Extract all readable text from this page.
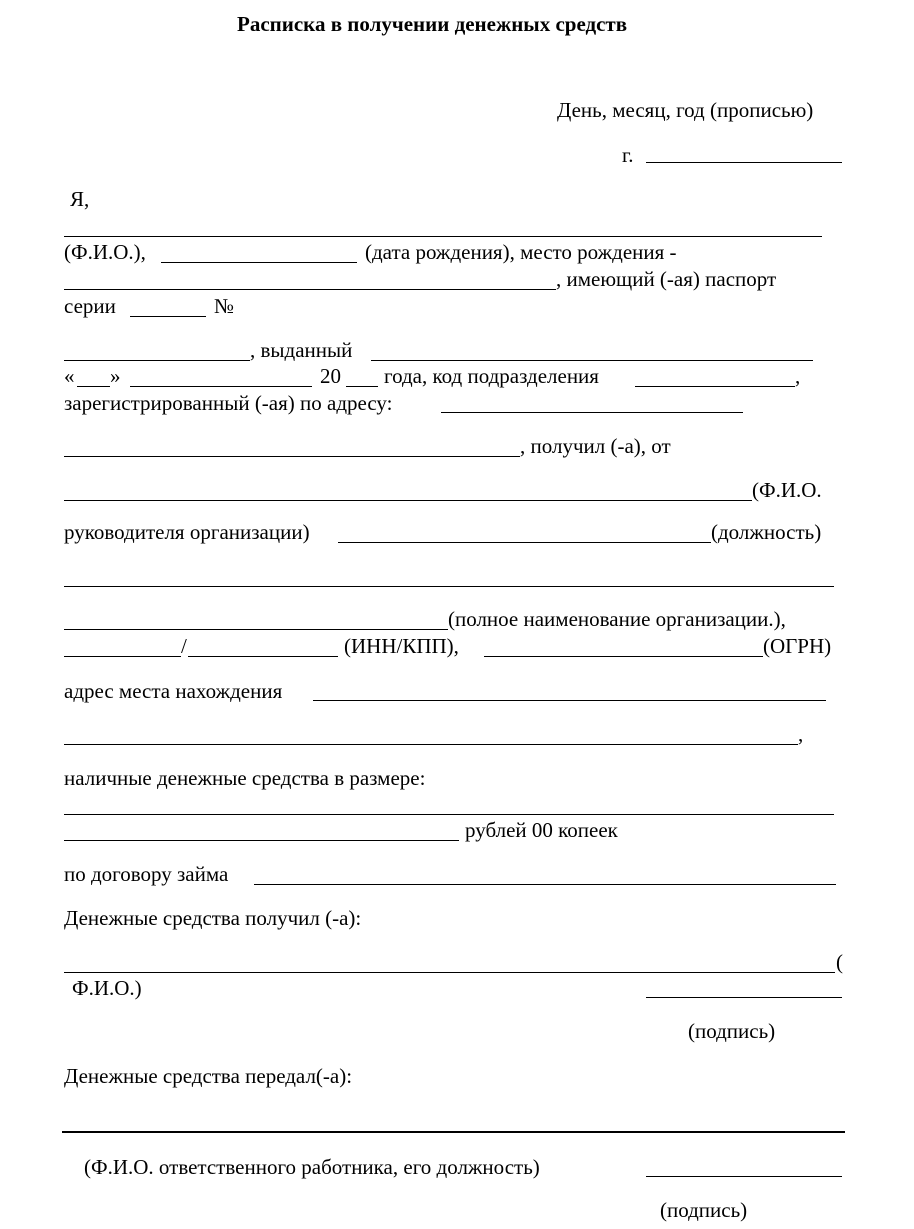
Расписка в получении денежных средств
День, месяц, год (прописью)
г.
Я,
(Ф.И.О.),	(дата рождения), место рождения -
, имеющий (-ая) паспорт
серии	№
, выданный
« »	20 года, код подразделения	,
зарегистрированный (-ая) по адресу:
, получил (-а), от
(Ф.И.О.
руководителя организации)	(должность)
(полное наименование организации.),
/	(ИНН/КПП),	(ОГРН)
адрес места нахождения
,
наличные денежные средства в размере:
рублей 00 копеек
по договору займа
Денежные средства получил (-а):
(
Ф.И.О.)
(подпись)
Денежные средства передал(-а):
(Ф.И.О. ответственного работника, его должность)
(подпись)
